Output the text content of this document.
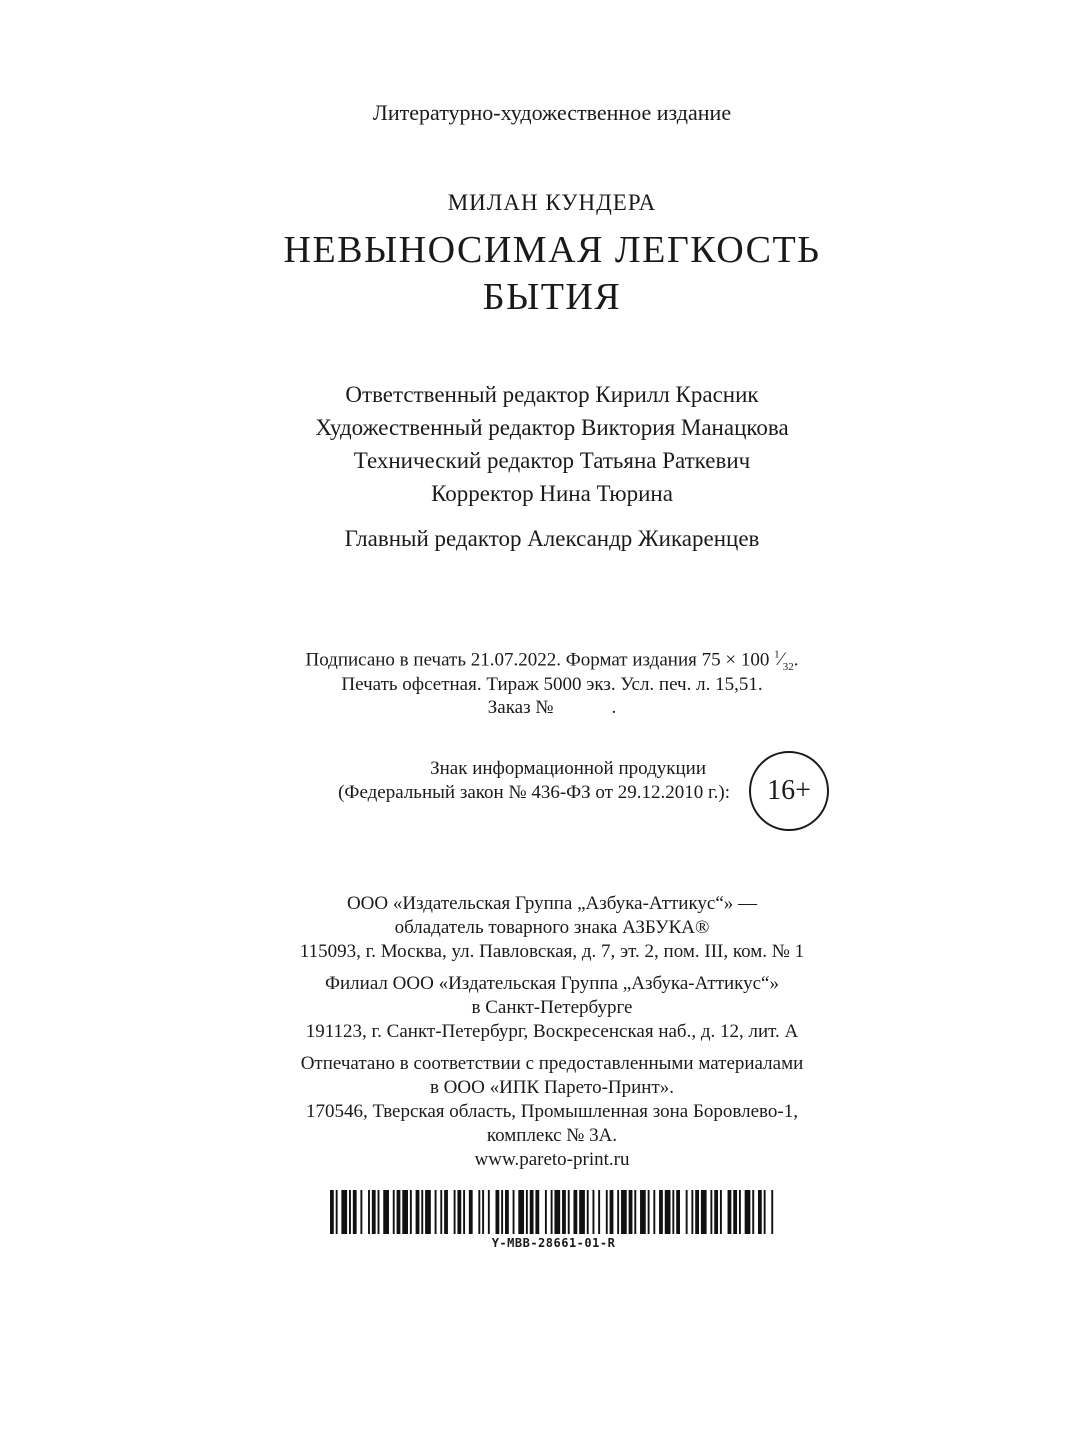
Литературно-художественное издание
МИЛАН КУНДЕРА
НЕВЫНОСИМАЯ ЛЕГКОСТЬ
БЫТИЯ
Ответственный редактор Кирилл Красник
Художественный редактор Виктория Манацкова
Технический редактор Татьяна Раткевич
Корректор Нина Тюрина
Главный редактор Александр Жикаренцев
Подписано в печать 21.07.2022. Формат издания 75 × 100 $^1⁄_{32}$.
Печать офсетная. Тираж 5000 экз. Усл. печ. л. 15,51.
Заказ №	.
Знак информационной продукции
(Федеральный закон № 436-ФЗ от 29.12.2010 г.):	16+
ООО «Издательская Группа „Азбука-Аттикус“» —
обладатель товарного знака АЗБУКА®
115093, г. Москва, ул. Павловская, д. 7, эт. 2, пом. III, ком. № 1
Филиал ООО «Издательская Группа „Азбука-Аттикус“»
в Санкт-Петербурге
191123, г. Санкт-Петербург, Воскресенская наб., д. 12, лит. А
Отпечатано в соответствии с предоставленными материалами
в ООО «ИПК Парето-Принт».
170546, Тверская область, Промышленная зона Боровлево-1,
комплекс № 3А.
www.pareto-print.ru
Y-MBB-28661-01-R
